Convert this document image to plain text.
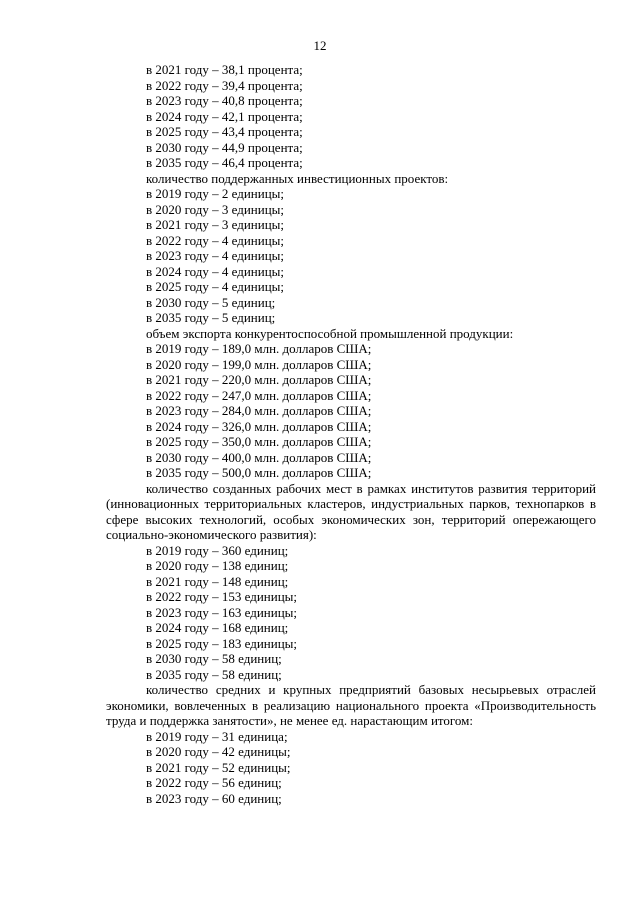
12
в 2021 году – 38,1 процента;
в 2022 году – 39,4 процента;
в 2023 году – 40,8 процента;
в 2024 году – 42,1 процента;
в 2025 году – 43,4 процента;
в 2030 году – 44,9 процента;
в 2035 году – 46,4 процента;
количество поддержанных инвестиционных проектов:
в 2019 году – 2 единицы;
в 2020 году – 3 единицы;
в 2021 году – 3 единицы;
в 2022 году – 4 единицы;
в 2023 году – 4 единицы;
в 2024 году – 4 единицы;
в 2025 году – 4 единицы;
в 2030 году – 5 единиц;
в 2035 году – 5 единиц;
объем экспорта конкурентоспособной промышленной продукции:
в 2019 году – 189,0 млн. долларов США;
в 2020 году – 199,0 млн. долларов США;
в 2021 году – 220,0 млн. долларов США;
в 2022 году – 247,0 млн. долларов США;
в 2023 году – 284,0 млн. долларов США;
в 2024 году – 326,0 млн. долларов США;
в 2025 году – 350,0 млн. долларов США;
в 2030 году – 400,0 млн. долларов США;
в 2035 году – 500,0 млн. долларов США;
количество созданных рабочих мест в рамках институтов развития территорий (инновационных территориальных кластеров, индустриальных парков, технопарков в сфере высоких технологий, особых экономических зон, территорий опережающего социально-экономического развития):
в 2019 году – 360 единиц;
в 2020 году – 138 единиц;
в 2021 году – 148 единиц;
в 2022 году – 153 единицы;
в 2023 году – 163 единицы;
в 2024 году – 168 единиц;
в 2025 году – 183 единицы;
в 2030 году – 58 единиц;
в 2035 году – 58 единиц;
количество средних и крупных предприятий базовых несырьевых отраслей экономики, вовлеченных в реализацию национального проекта «Производительность труда и поддержка занятости», не менее ед. нарастающим итогом:
в 2019 году – 31 единица;
в 2020 году – 42 единицы;
в 2021 году – 52 единицы;
в 2022 году – 56 единиц;
в 2023 году – 60 единиц;
